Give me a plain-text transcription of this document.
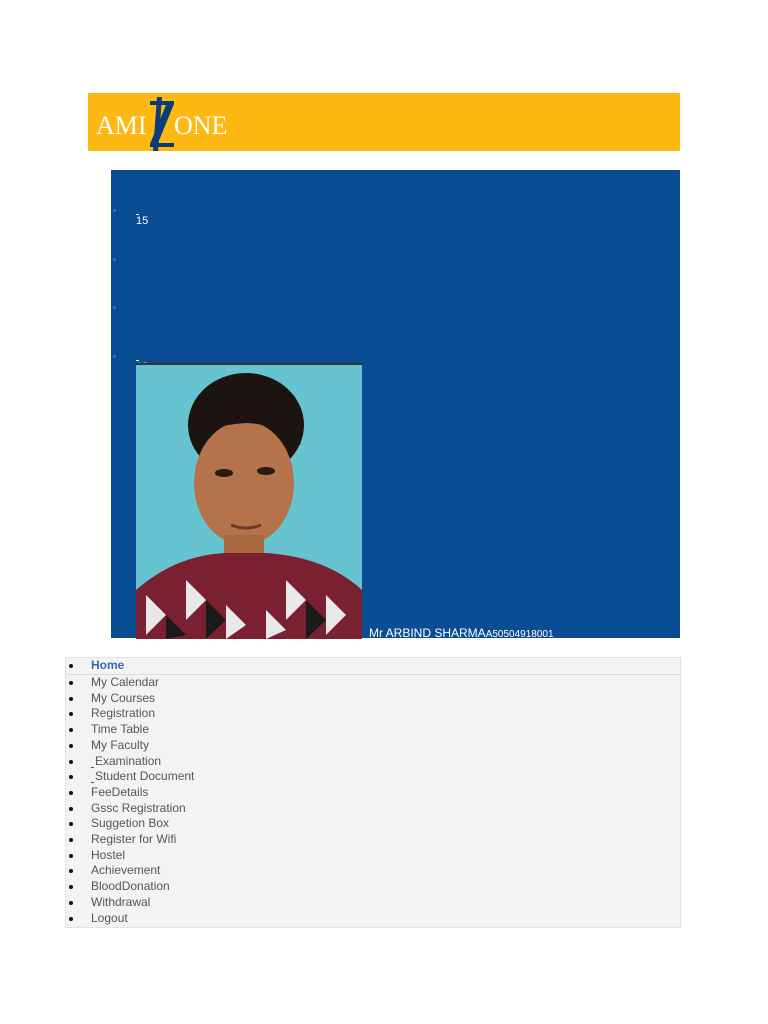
AMI ONE
15
Mr ARBIND SHARMAA50504918001
Home
My Calendar
My Courses
Registration
Time Table
My Faculty
Examination
Student Document
FeeDetails
Gssc Registration
Suggetion Box
Register for Wifi
Hostel
Achievement
BloodDonation
Withdrawal
Logout
